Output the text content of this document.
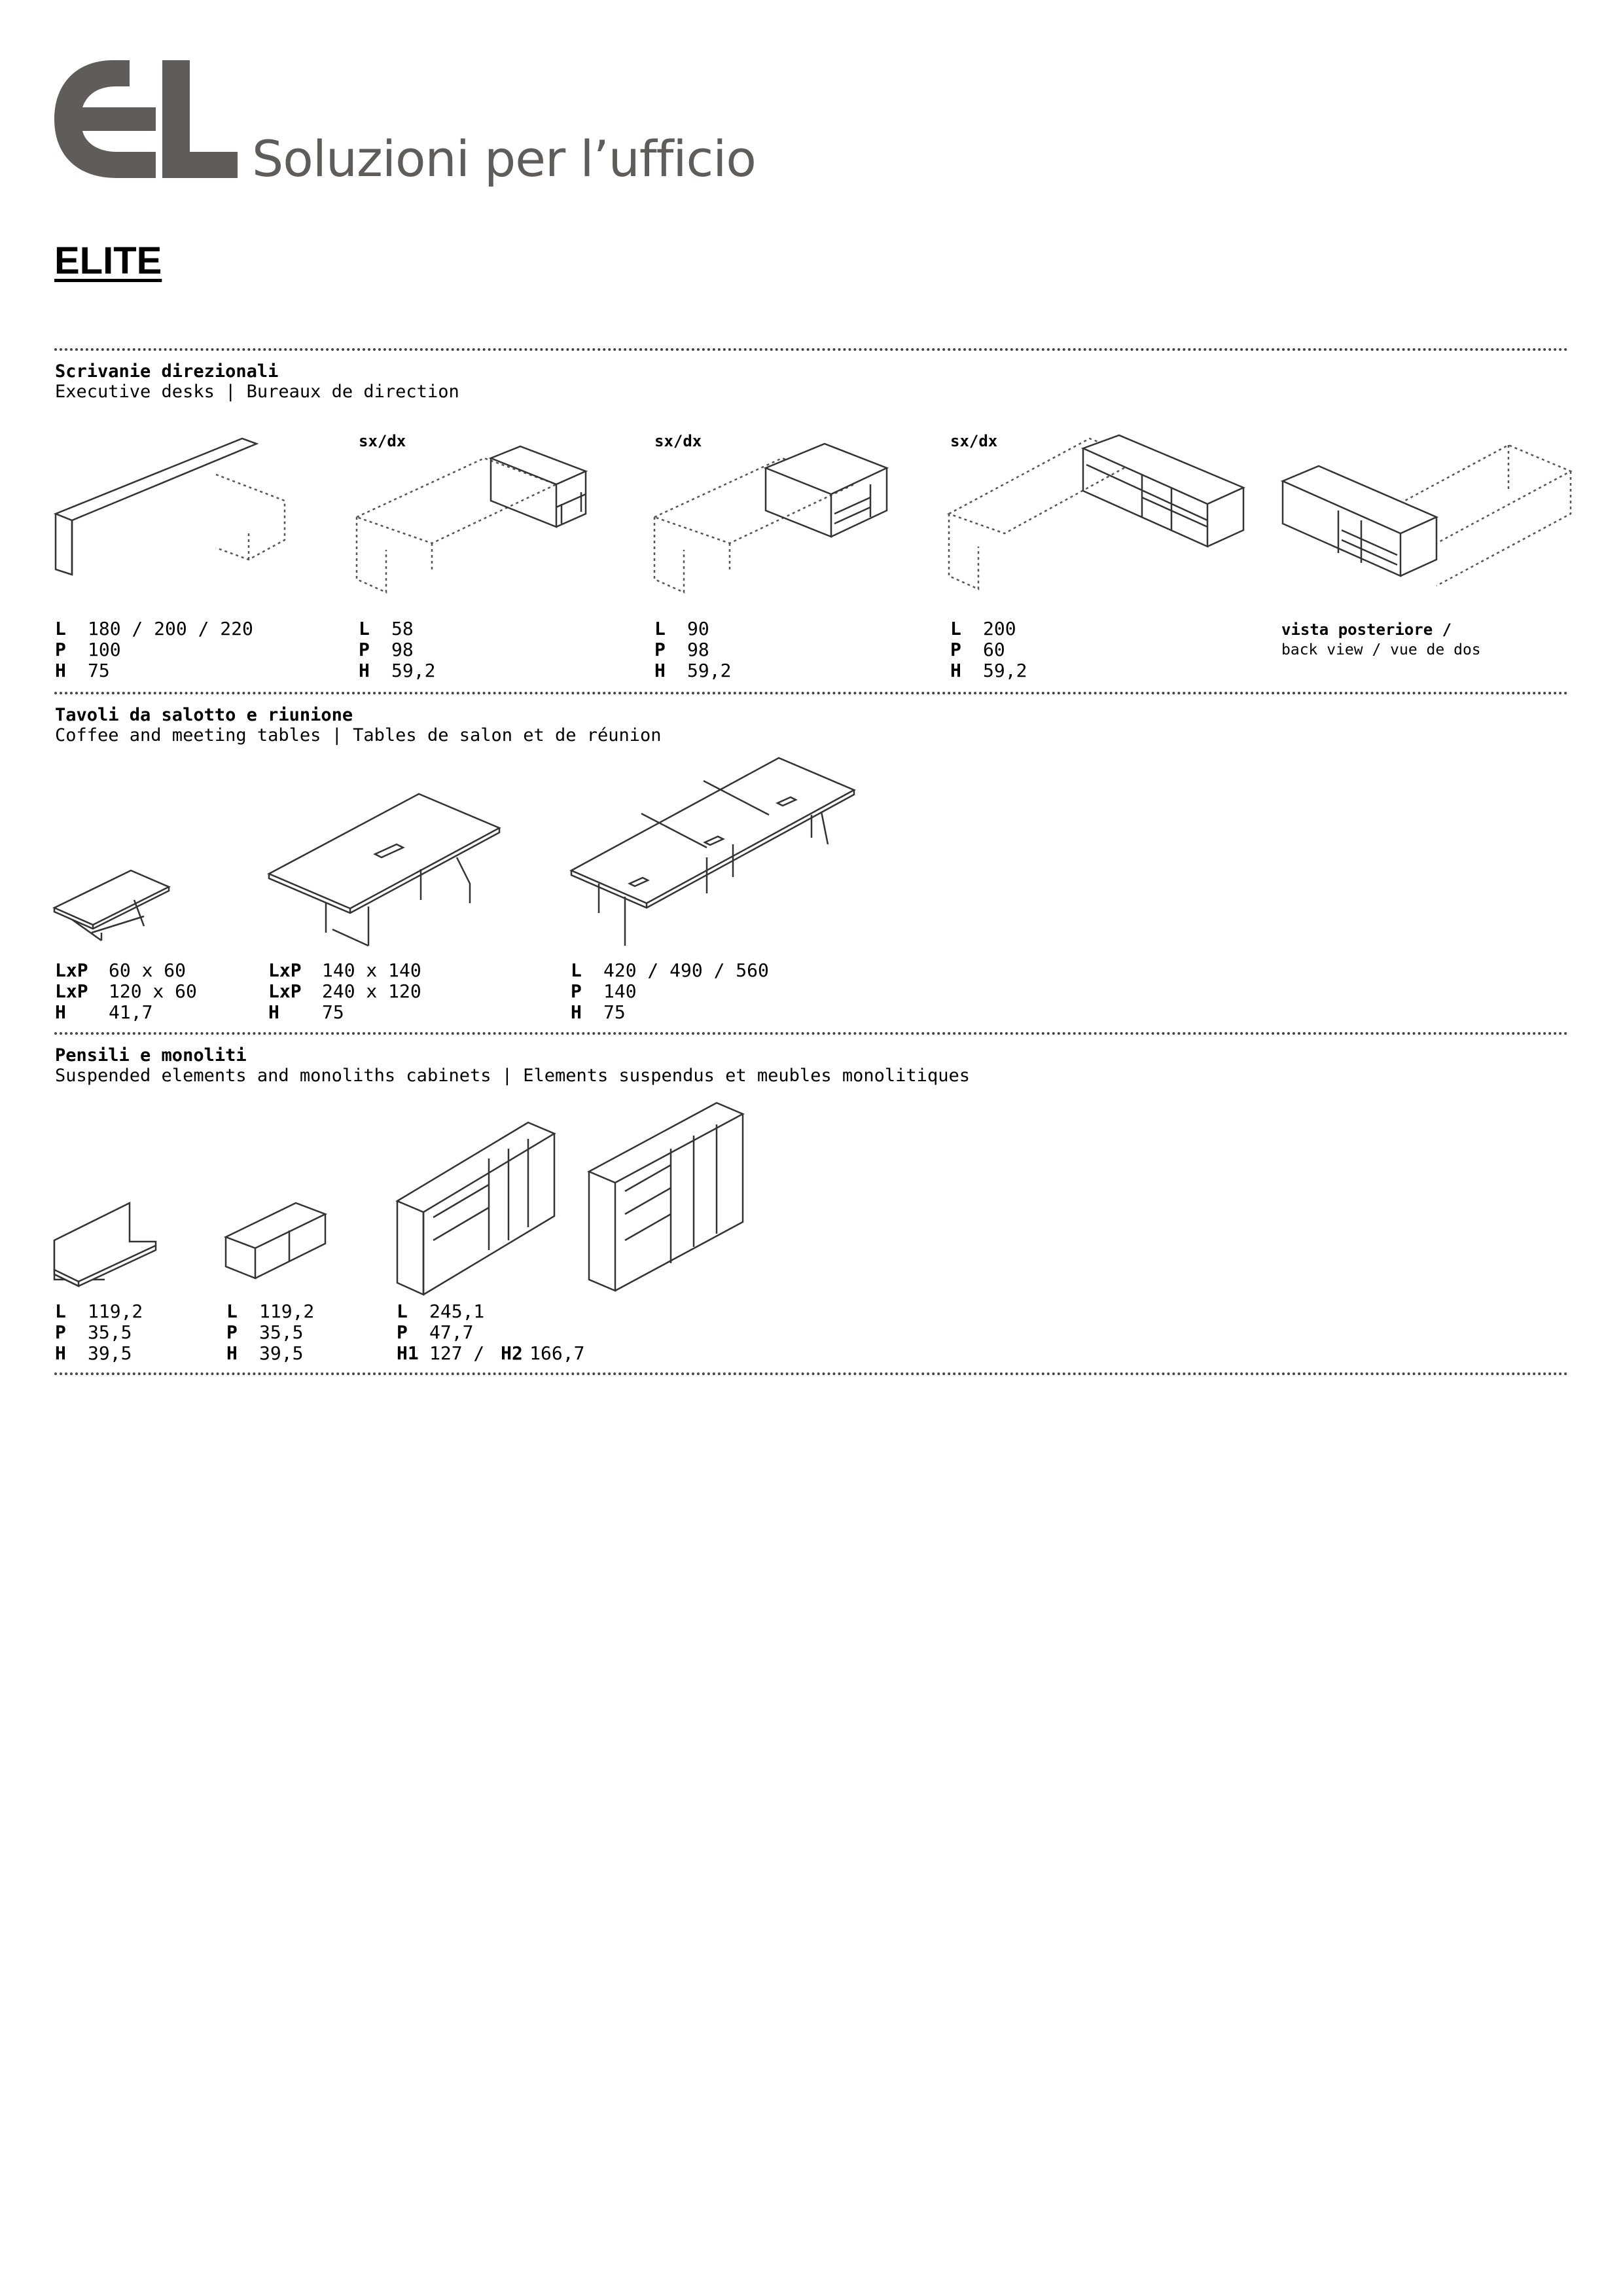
Soluzioni per l’ufficio
ELITE
Scrivanie direzionali
Executive desks | Bureaux de direction
L 180 / 200 / 220
P 100
H 75
sx/dx
L 58
P 98
H 59,2
sx/dx
L 90
P 98
H 59,2
sx/dx
L 200
P 60
H 59,2
vista posteriore /
back view / vue de dos
Tavoli da salotto e riunione
Coffee and meeting tables | Tables de salon et de réunion
LxP 60 x 60
LxP 120 x 60
H 41,7
LxP 140 x 140
LxP 240 x 120
H 75
L 420 / 490 / 560
P 140
H 75
Pensili e monoliti
Suspended elements and monoliths cabinets | Elements suspendus et meubles monolitiques
L 119,2
P 35,5
H 39,5
L 119,2
P 35,5
H 39,5
L 245,1
P 47,7
H1 127 / H2 166,7
